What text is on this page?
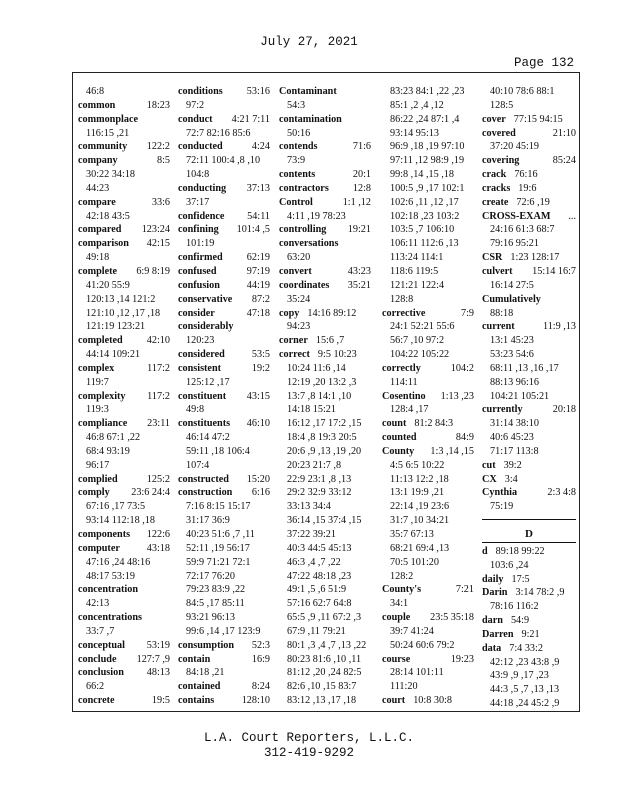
July 27, 2021
Page 132
46:8
common	18:23
commonplace
116:15 ,21
community 122:2
company	8:5
30:22 34:18
44:23
compare	33:6
42:18 43:5
compared 123:24
comparison 42:15
49:18
complete 6:9 8:19
41:20 55:9
120:13 ,14 121:2
121:10 ,12 ,17 ,18
121:19 123:21
completed 42:10
44:14 109:21
complex	117:2
119:7
complexity 117:2
119:3
compliance 23:11
46:8 67:1 ,22
68:4 93:19
96:17
complied	125:2
comply 23:6 24:4
67:16 ,17 73:5
93:14 112:18 ,18
components 122:6
computer	43:18
47:16 ,24 48:16
48:17 53:19
concentration
42:13
concentrations
33:7 ,7
conceptual 53:19
conclude 127:7 ,9
conclusion 48:13
66:2
concrete	19:5
conditions 53:16
97:2
conduct 4:21 7:11
72:7 82:16 85:6
conducted	4:24
72:11 100:4 ,8 ,10
104:8
conducting 37:13
37:17
confidence 54:11
confining 101:4 ,5
101:19
confirmed 62:19
confused	97:19
confusion	44:19
conservative 87:2
consider	47:18
considerably
120:23
considered	53:5
consistent	19:2
125:12 ,17
constituent 43:15
49:8
constituents 46:10
46:14 47:2
59:11 ,18 106:4
107:4
constructed 15:20
construction 6:16
7:16 8:15 15:17
31:17 36:9
40:23 51:6 ,7 ,11
52:11 ,19 56:17
59:9 71:21 72:1
72:17 76:20
79:23 83:9 ,22
84:5 ,17 85:11
93:21 96:13
99:6 ,14 ,17 123:9
consumption 52:3
contain	16:9
84:18 ,21
contained	8:24
contains	128:10
Contaminant
54:3
contamination
50:16
contends	71:6
73:9
contents	20:1
contractors 12:8
Control	1:1 ,12
4:11 ,19 78:23
controlling 19:21
conversations
63:20
convert	43:23
coordinates 35:21
35:24
copy 14:16 89:12
94:23
corner 15:6 ,7
correct 9:5 10:23
10:24 11:6 ,14
12:19 ,20 13:2 ,3
13:7 ,8 14:1 ,10
14:18 15:21
16:12 ,17 17:2 ,15
18:4 ,8 19:3 20:5
20:6 ,9 ,13 ,19 ,20
20:23 21:7 ,8
22:9 23:1 ,8 ,13
29:2 32:9 33:12
33:13 34:4
36:14 ,15 37:4 ,15
37:22 39:21
40:3 44:5 45:13
46:3 ,4 ,7 ,22
47:22 48:18 ,23
49:1 ,5 ,6 51:9
57:16 62:7 64:8
65:5 ,9 ,11 67:2 ,3
67:9 ,11 79:21
80:1 ,3 ,4 ,7 ,13 ,22
80:23 81:6 ,10 ,11
81:12 ,20 ,24 82:5
82:6 ,10 ,15 83:7
83:12 ,13 ,17 ,18
83:23 84:1 ,22 ,23
85:1 ,2 ,4 ,12
86:22 ,24 87:1 ,4
93:14 95:13
96:9 ,18 ,19 97:10
97:11 ,12 98:9 ,19
99:8 ,14 ,15 ,18
100:5 ,9 ,17 102:1
102:6 ,11 ,12 ,17
102:18 ,23 103:2
103:5 ,7 106:10
106:11 112:6 ,13
113:24 114:1
118:6 119:5
121:21 122:4
128:8
corrective	7:9
24:1 52:21 55:6
56:7 ,10 97:2
104:22 105:22
correctly	104:2
114:11
Cosentino 1:13 ,23
128:4 ,17
count 81:2 84:3
counted	84:9
County 1:3 ,14 ,15
4:5 6:5 10:22
11:13 12:2 ,18
13:1 19:9 ,21
22:14 ,19 23:6
31:7 ,10 34:21
35:7 67:13
68:21 69:4 ,13
70:5 101:20
128:2
County's	7:21
34:1
couple 23:5 35:18
39:7 41:24
50:24 60:6 79:2
course	19:23
28:14 101:11
111:20
court 10:8 30:8
40:10 78:6 88:1
128:5
cover 77:15 94:15
covered	21:10
37:20 45:19
covering	85:24
crack 76:16
cracks 19:6
create 72:6 ,19
CROSS-EXAM ...
24:16 61:3 68:7
79:16 95:21
CSR 1:23 128:17
culvert 15:14 16:7
16:14 27:5
Cumulatively
88:18
current	11:9 ,13
13:1 45:23
53:23 54:6
68:11 ,13 ,16 ,17
88:13 96:16
104:21 105:21
currently	20:18
31:14 38:10
40:6 45:23
71:17 113:8
cut 39:2
CX 3:4
Cynthia	2:3 4:8
75:19
D
d 89:18 99:22
103:6 ,24
daily 17:5
Darin 3:14 78:2 ,9
78:16 116:2
darn 54:9
Darren 9:21
data 7:4 33:2
42:12 ,23 43:8 ,9
43:9 ,9 ,17 ,23
44:3 ,5 ,7 ,13 ,13
44:18 ,24 45:2 ,9
L.A. Court Reporters, L.L.C.
312-419-9292
